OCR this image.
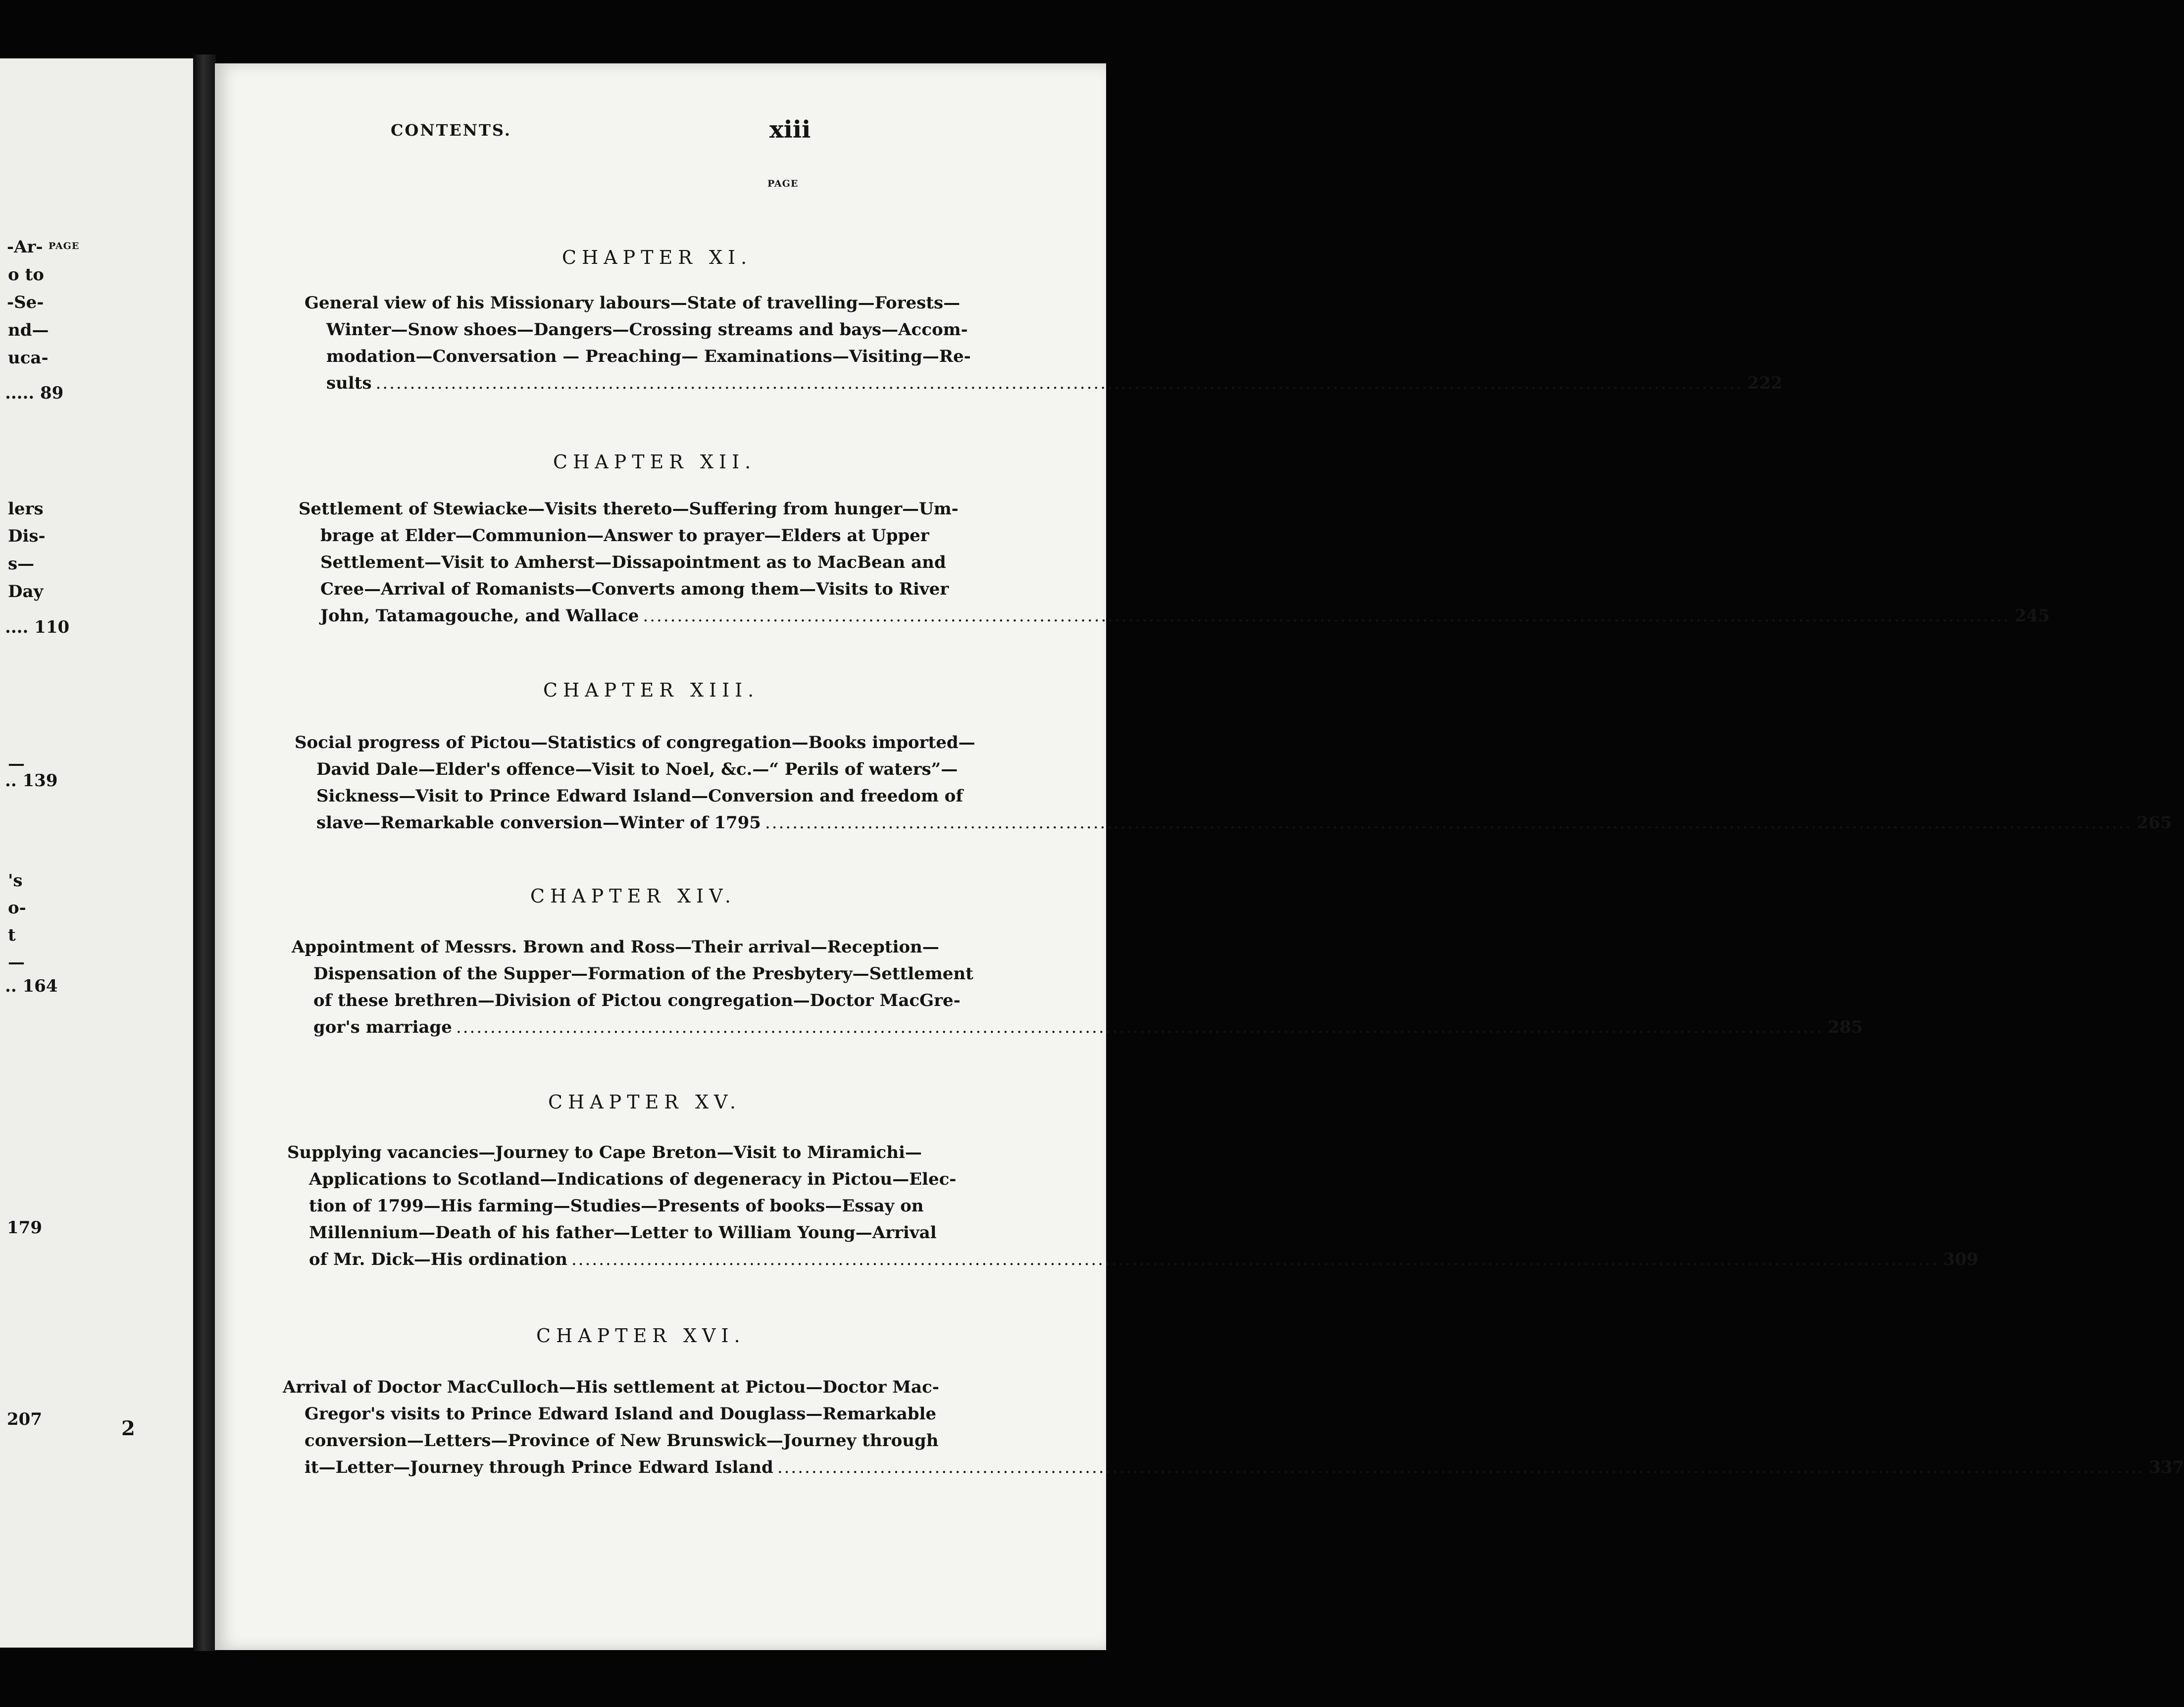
PAGE
-Ar-
o to
-Se-
nd—
uca-
..... 89
lers
Dis-
s—
Day
.... 110
—
.. 139
's
o-
t
—
.. 164
179
207
CONTENTS.	xiii
PAGE
CHAPTER XI.
General view of his Missionary labours—State of travelling—Forests—
Winter—Snow shoes—Dangers—Crossing streams and bays—Accom-
modation—Conversation — Preaching— Examinations—Visiting—Re-
sults ........................................................................................................................................................................................................ 222
CHAPTER XII.
Settlement of Stewiacke—Visits thereto—Suffering from hunger—Um-
brage at Elder—Communion—Answer to prayer—Elders at Upper
Settlement—Visit to Amherst—Dissapointment as to MacBean and
Cree—Arrival of Romanists—Converts among them—Visits to River
John, Tatamagouche, and Wallace ........................................................................................................................................................................................................ 245
CHAPTER XIII.
Social progress of Pictou—Statistics of congregation—Books imported—
David Dale—Elder's offence—Visit to Noel, &c.—“ Perils of waters”—
Sickness—Visit to Prince Edward Island—Conversion and freedom of
slave—Remarkable conversion—Winter of 1795 ........................................................................................................................................................................................................ 265
CHAPTER XIV.
Appointment of Messrs. Brown and Ross—Their arrival—Reception—
Dispensation of the Supper—Formation of the Presbytery—Settlement
of these brethren—Division of Pictou congregation—Doctor MacGre-
gor's marriage ........................................................................................................................................................................................................ 285
CHAPTER XV.
Supplying vacancies—Journey to Cape Breton—Visit to Miramichi—
Applications to Scotland—Indications of degeneracy in Pictou—Elec-
tion of 1799—His farming—Studies—Presents of books—Essay on
Millennium—Death of his father—Letter to William Young—Arrival
of Mr. Dick—His ordination ........................................................................................................................................................................................................ 309
CHAPTER XVI.
Arrival of Doctor MacCulloch—His settlement at Pictou—Doctor Mac-
Gregor's visits to Prince Edward Island and Douglass—Remarkable
conversion—Letters—Province of New Brunswick—Journey through
it—Letter—Journey through Prince Edward Island ........................................................................................................................................................................................................ 337
2
